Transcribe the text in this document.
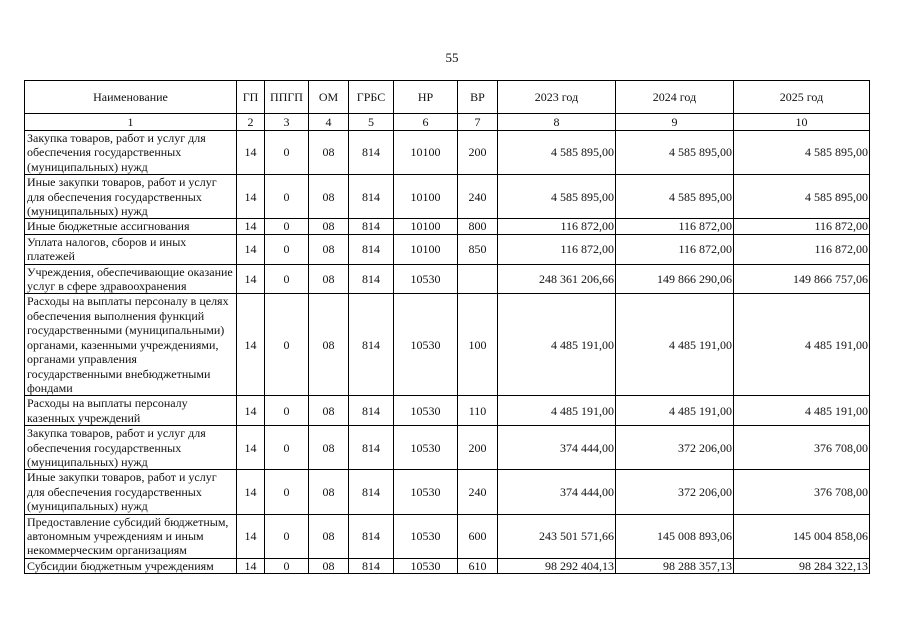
55
Наименование	ГП	ППГП	ОМ	ГРБС	НР	ВР	2023 год	2024 год	2025 год
1	2	3	4	5	6	7	8	9	10
Закупка товаров, работ и услуг для обеспечения государственных (муниципальных) нужд	14	0	08	814	10100	200	4 585 895,00	4 585 895,00	4 585 895,00
Иные закупки товаров, работ и услуг для обеспечения государственных (муниципальных) нужд	14	0	08	814	10100	240	4 585 895,00	4 585 895,00	4 585 895,00
Иные бюджетные ассигнования	14	0	08	814	10100	800	116 872,00	116 872,00	116 872,00
Уплата налогов, сборов и иных платежей	14	0	08	814	10100	850	116 872,00	116 872,00	116 872,00
Учреждения, обеспечивающие оказание услуг в сфере здравоохранения	14	0	08	814	10530		248 361 206,66	149 866 290,06	149 866 757,06
Расходы на выплаты персоналу в целях обеспечения выполнения функций государственными (муниципальными) органами, казенными учреждениями, органами управления государственными внебюджетными фондами	14	0	08	814	10530	100	4 485 191,00	4 485 191,00	4 485 191,00
Расходы на выплаты персоналу казенных учреждений	14	0	08	814	10530	110	4 485 191,00	4 485 191,00	4 485 191,00
Закупка товаров, работ и услуг для обеспечения государственных (муниципальных) нужд	14	0	08	814	10530	200	374 444,00	372 206,00	376 708,00
Иные закупки товаров, работ и услуг для обеспечения государственных (муниципальных) нужд	14	0	08	814	10530	240	374 444,00	372 206,00	376 708,00
Предоставление субсидий бюджетным, автономным учреждениям и иным некоммерческим организациям	14	0	08	814	10530	600	243 501 571,66	145 008 893,06	145 004 858,06
Субсидии бюджетным учреждениям	14	0	08	814	10530	610	98 292 404,13	98 288 357,13	98 284 322,13
